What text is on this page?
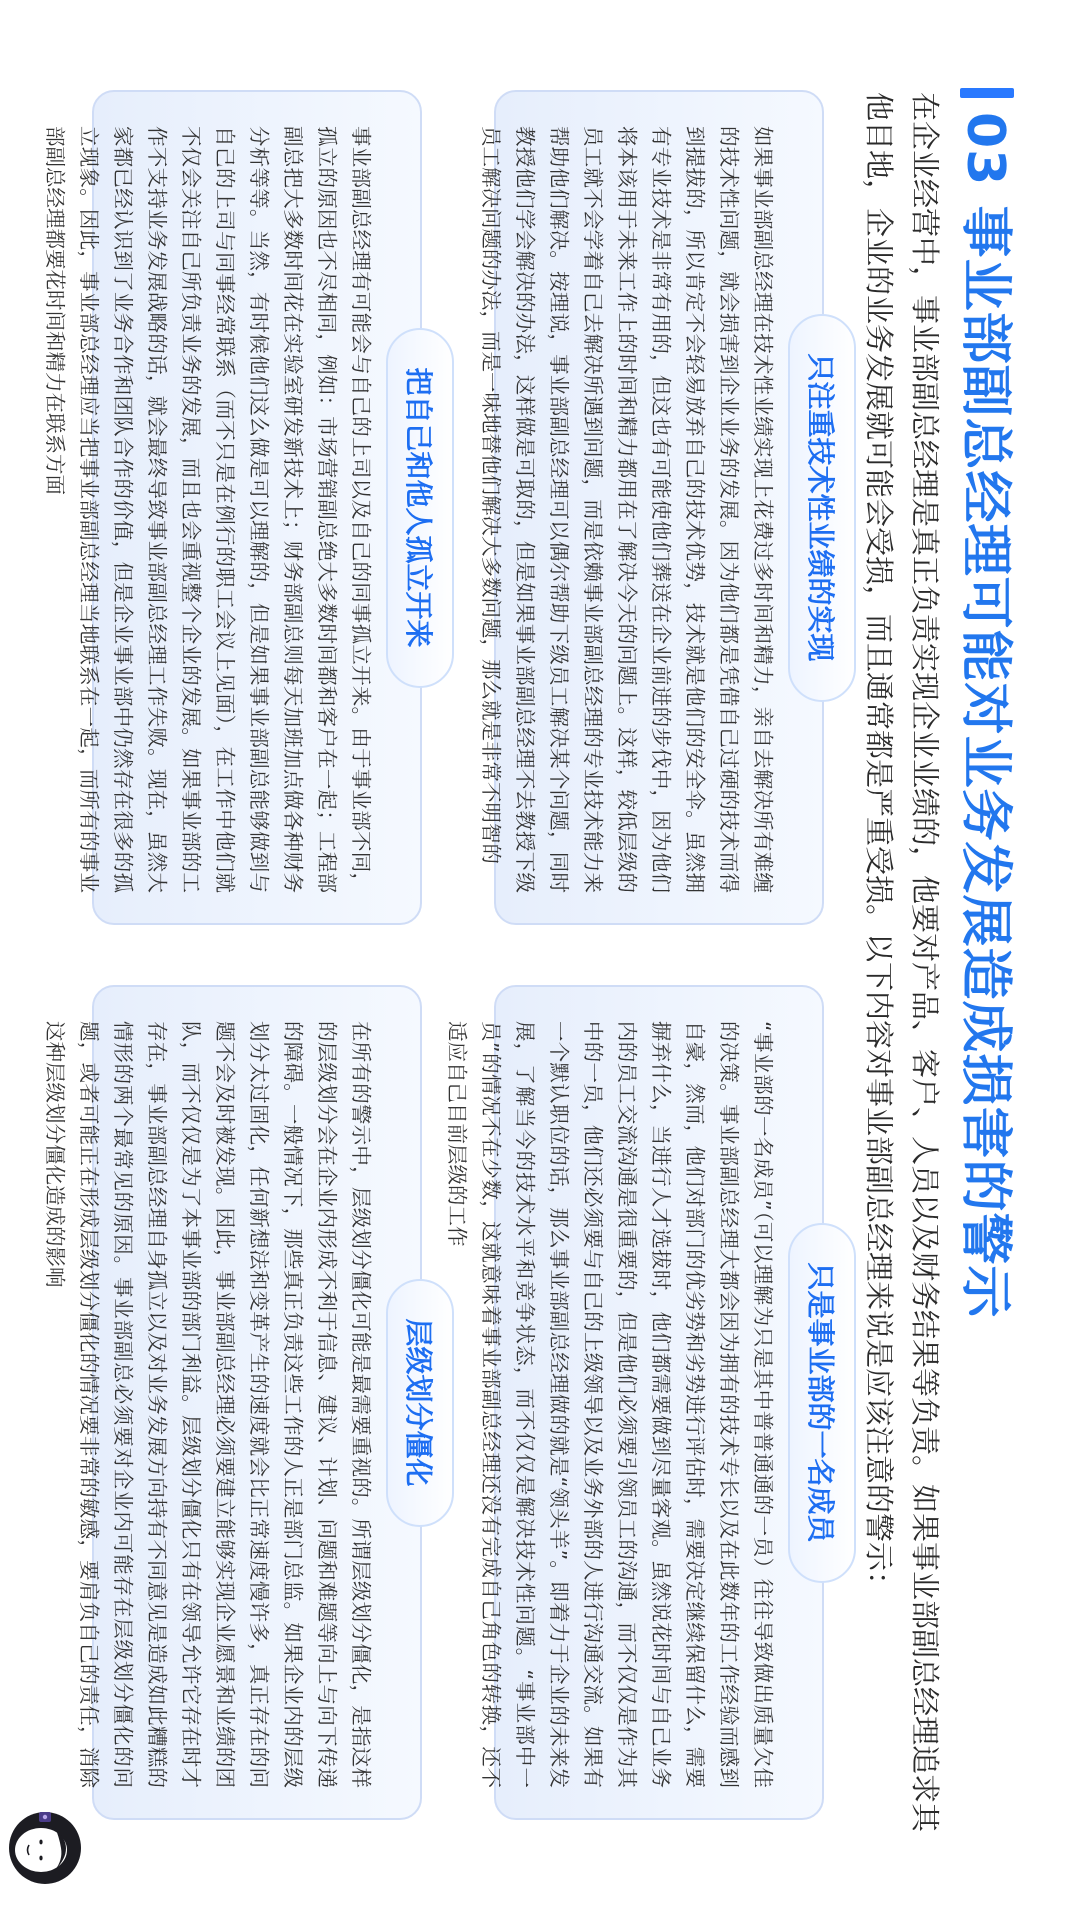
03 事业部副总经理可能对业务发展造成损害的警示

在企业经营中，事业部副总经理是真正负责实现企业业绩的，他要对产品、客户、人员以及财务结果等负责。如果事业部副总经理追求其他目地，企业的业务发展就可能会受损，而且通常都是严重受损。以下内容对事业部副总经理来说是应该注意的警示：

只注重技术性业绩的实现

如果事业部副总经理在技术性业绩实现上花费过多时间和精力，亲自去解决所有难缠的技术性问题，就会损害到企业业务的发展。因为他们都是凭借自己过硬的技术而得到提拔的，所以肯定不会轻易放弃自己的技术优势，技术就是他们的安全伞。虽然拥有专业技术是非常有用的，但这也有可能使他们葬送在企业前进的步伐中，因为他们将本该用于未来工作上的时间和精力都用在了解决今天的问题上。这样，较低层级的员工就不会学着自己去解决所遇到问题，而是依赖事业部副总经理的专业技术能力来帮助他们解决。按理说，事业部副总经理可以偶尔帮助下级员工解决某个问题，同时教授他们学会解决的办法，这样做是可取的，但是如果事业部副总经理不去教授下级员工解决问题的办法，而是一味地替他们解决大多数问题，那么就是非常不明智的

只是事业部的一名成员

“事业部的一名成员”（可以理解为只是其中普普通通的一员）往往导致做出质量欠佳的决策。事业部副总经理大都会因为拥有的技术专长以及在此数年的工作经验而感到自豪，然而，他们对部门的优劣势和劣势进行评估时，需要决定继续保留什么，需要摒弃什么，当进行人才选拔时，他们都需要做到尽量客观。虽然说花时间与自己业务内的员工交流沟通是很重要的，但是他们必须要引领员工的沟通，而不仅仅是作为其中的一员，他们还必须要与自己的上级领导以及业务外部的人进行沟通交流。如果有一个默认职位的话，那么事业部副总经理做的就是“领头羊”。即着力于企业的未来发展，了解当今的技术水平和竞争状态，而不仅仅是解决技术性问题。“事业部中一员”的情况不在少数，这就意味着事业部副总经理还没有完成自己角色的转换，还不适应自己目前层级的工作

把自己和他人孤立开来

事业部副总经理有可能会与自己的上司以及自己的同事孤立开来。由于事业部不同，孤立的原因也不尽相同，例如：市场营销副总绝大多数时间都和客户在一起；工程部副总把大多数时间花在实验室研发新技术上；财务部副总则每天加班加点做各种财务分析等等。当然，有时候他们这么做是可以理解的，但是如果事业部副总能够做到与自己的上司与同事经常联系（而不只是在例行的职工会议上见面），在工作中他们就不仅会关注自己所负责业务的发展，而且也会重视整个企业的发展。如果事业部的工作不支持业务发展战略的话，就会最终导致事业部副总经理工作失败。现在，虽然大家都已经认识到了业务合作和团队合作的价值，但是企业事业部中仍然存在很多的孤立现象。因此，事业部总经理应当把事业部副总经理当地联系在一起，而所有的事业部副总经理都要花时间和精力在联系方面

层级划分僵化

在所有的警示中，层级划分僵化可能是最需要重视的。所谓层级划分僵化，是指这样的层级划分会在企业内形成不利于信息、建议、计划、问题和难题等向上与向下传递的障碍。一般情况下，那些真正负责这些工作的人正是部门总监。如果企业内的层级划分太过固化，任何新想法和变革产生的速度就会比正常速度慢许多，真正存在的问题不会及时被发现。因此，事业部副总经理必须要建立能够实现企业愿景和业绩的团队，而不仅仅是为了本事业部的部门利益。层级划分僵化只有在领导允许它存在时才存在，事业部副总经理自身孤立以及对业务发展方向持有不同意见是造成如此糟糕的情形的两个最常见的原因。事业部副总必须要对企业内可能存在层级划分僵化的问题，或者可能正在形成层级划分僵化的情况要非常的敏感，要肩负自己的责任，消除这种层级划分僵化造成的影响
